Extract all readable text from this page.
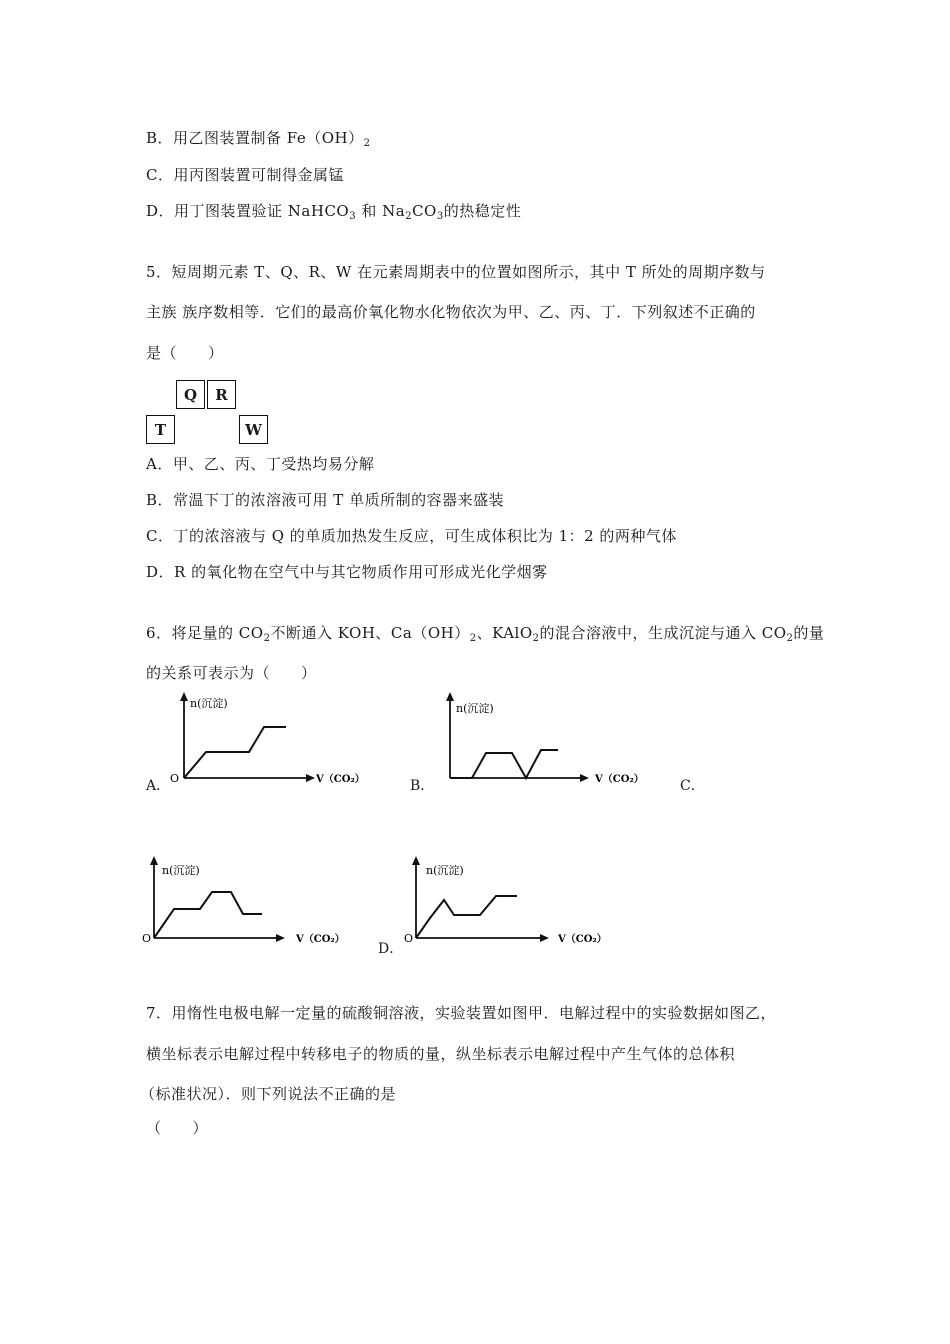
B．用乙图装置制备 $Fe(OH)_2$
C．用丙图装置可制得金属锰
D．用丁图装置验证 NaHCO$_3$ 和 $Na_2CO_3$的热稳定性
5．短周期元素 T、Q、R、W 在元素周期表中的位置如图所示，其中 T 所处的周期序数与
主族 族序数相等．它们的最高价氧化物水化物依次为甲、乙、丙、丁．下列叙述不正确的
是（　　）
Q	R
T	W
A．甲、乙、丙、丁受热均易分解
B．常温下丁的浓溶液可用 T 单质所制的容器来盛装
C．丁的浓溶液与 Q 的单质加热发生反应，可生成体积比为 1：2 的两种气体
D．R 的氧化物在空气中与其它物质作用可形成光化学烟雾
6．将足量的 $CO_2$不断通入 KOH、$Ca(OH)_2$、KAlO$_2$的混合溶液中，生成沉淀与通入 $CO_2$的量
的关系可表示为（　　）
A．
n(沉淀)
O	V（CO₂）	B．
n(沉淀)
V（CO₂）	C．
n(沉淀)
O	V（CO₂）
D．
n(沉淀)
O	V（CO₂）
7．用惰性电极电解一定量的硫酸铜溶液，实验装置如图甲．电解过程中的实验数据如图乙，
横坐标表示电解过程中转移电子的物质的量，纵坐标表示电解过程中产生气体的总体积
（标准状况）．则下列说法不正确的是
（　　）
